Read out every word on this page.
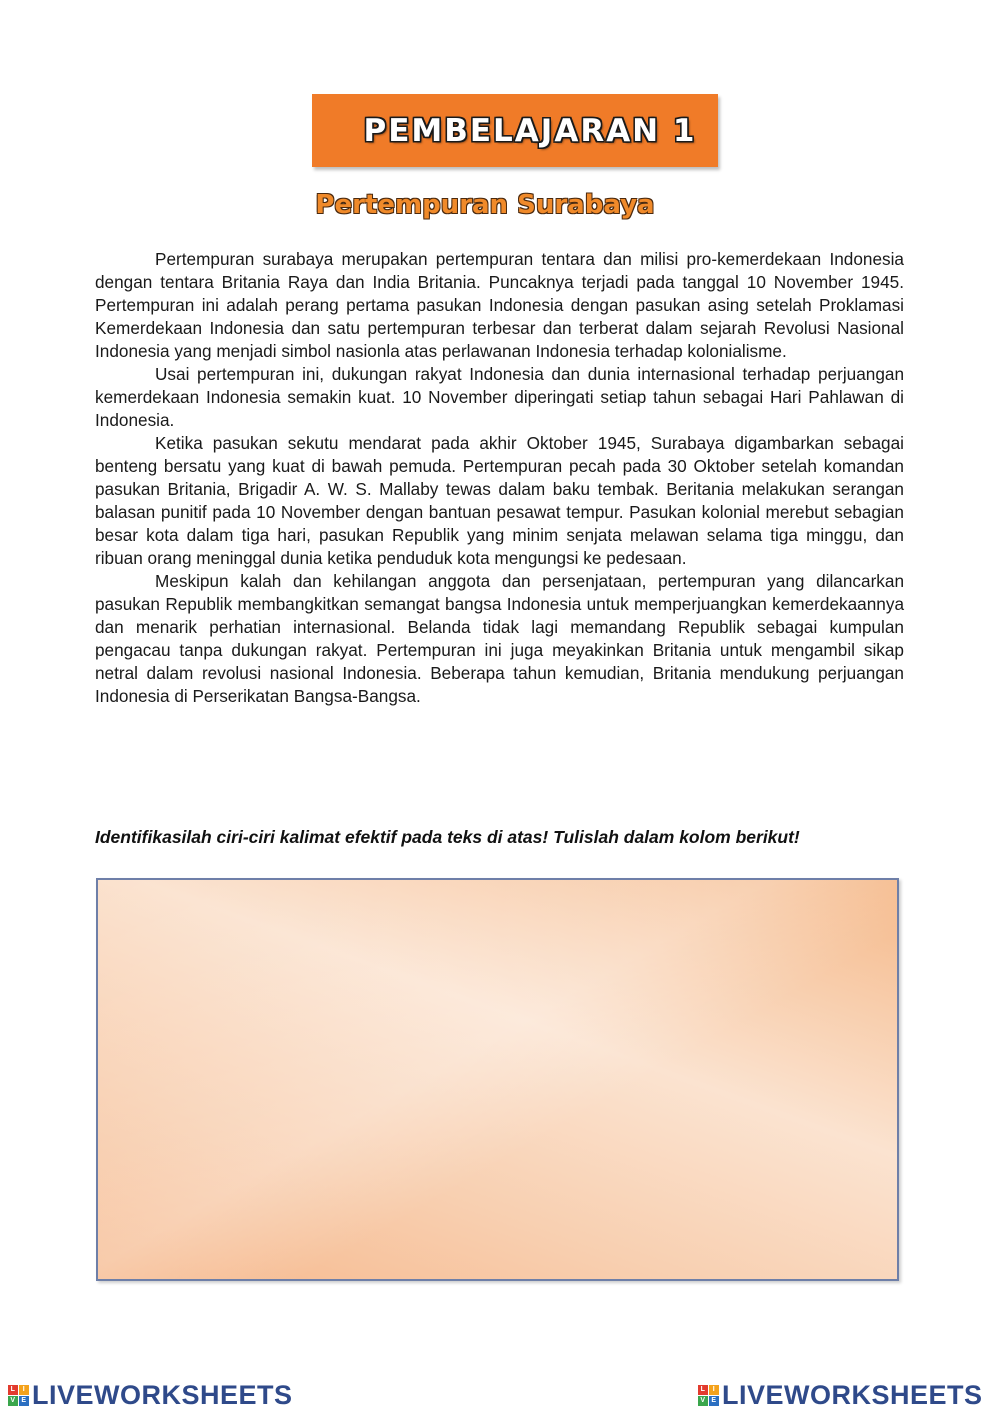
PEMBELAJARAN 1
Pertempuran Surabaya

Pertempuran surabaya merupakan pertempuran tentara dan milisi pro-kemerdekaan Indonesia dengan tentara Britania Raya dan India Britania. Puncaknya terjadi pada tanggal 10 November 1945. Pertempuran ini adalah perang pertama pasukan Indonesia dengan pasukan asing setelah Proklamasi Kemerdekaan Indonesia dan satu pertempuran terbesar dan terberat dalam sejarah Revolusi Nasional Indonesia yang menjadi simbol nasionla atas perlawanan Indonesia terhadap kolonialisme.

Usai pertempuran ini, dukungan rakyat Indonesia dan dunia internasional terhadap perjuangan kemerdekaan Indonesia semakin kuat. 10 November diperingati setiap tahun sebagai Hari Pahlawan di Indonesia.

Ketika pasukan sekutu mendarat pada akhir Oktober 1945, Surabaya digambarkan sebagai benteng bersatu yang kuat di bawah pemuda. Pertempuran pecah pada 30 Oktober setelah komandan pasukan Britania, Brigadir A. W. S. Mallaby tewas dalam baku tembak. Beritania melakukan serangan balasan punitif pada 10 November dengan bantuan pesawat tempur. Pasukan kolonial merebut sebagian besar kota dalam tiga hari, pasukan Republik yang minim senjata melawan selama tiga minggu, dan ribuan orang meninggal dunia ketika penduduk kota mengungsi ke pedesaan.

Meskipun kalah dan kehilangan anggota dan persenjataan, pertempuran yang dilancarkan pasukan Republik membangkitkan semangat bangsa Indonesia untuk memperjuangkan kemerdekaannya dan menarik perhatian internasional. Belanda tidak lagi memandang Republik sebagai kumpulan pengacau tanpa dukungan rakyat. Pertempuran ini juga meyakinkan Britania untuk mengambil sikap netral dalam revolusi nasional Indonesia. Beberapa tahun kemudian, Britania mendukung perjuangan Indonesia di Perserikatan Bangsa-Bangsa.

Identifikasilah ciri-ciri kalimat efektif pada teks di atas! Tulislah dalam kolom berikut!
L	I
V E LIVEWORKSHEETS	L	I
V E LIVEWORKSHEETS
